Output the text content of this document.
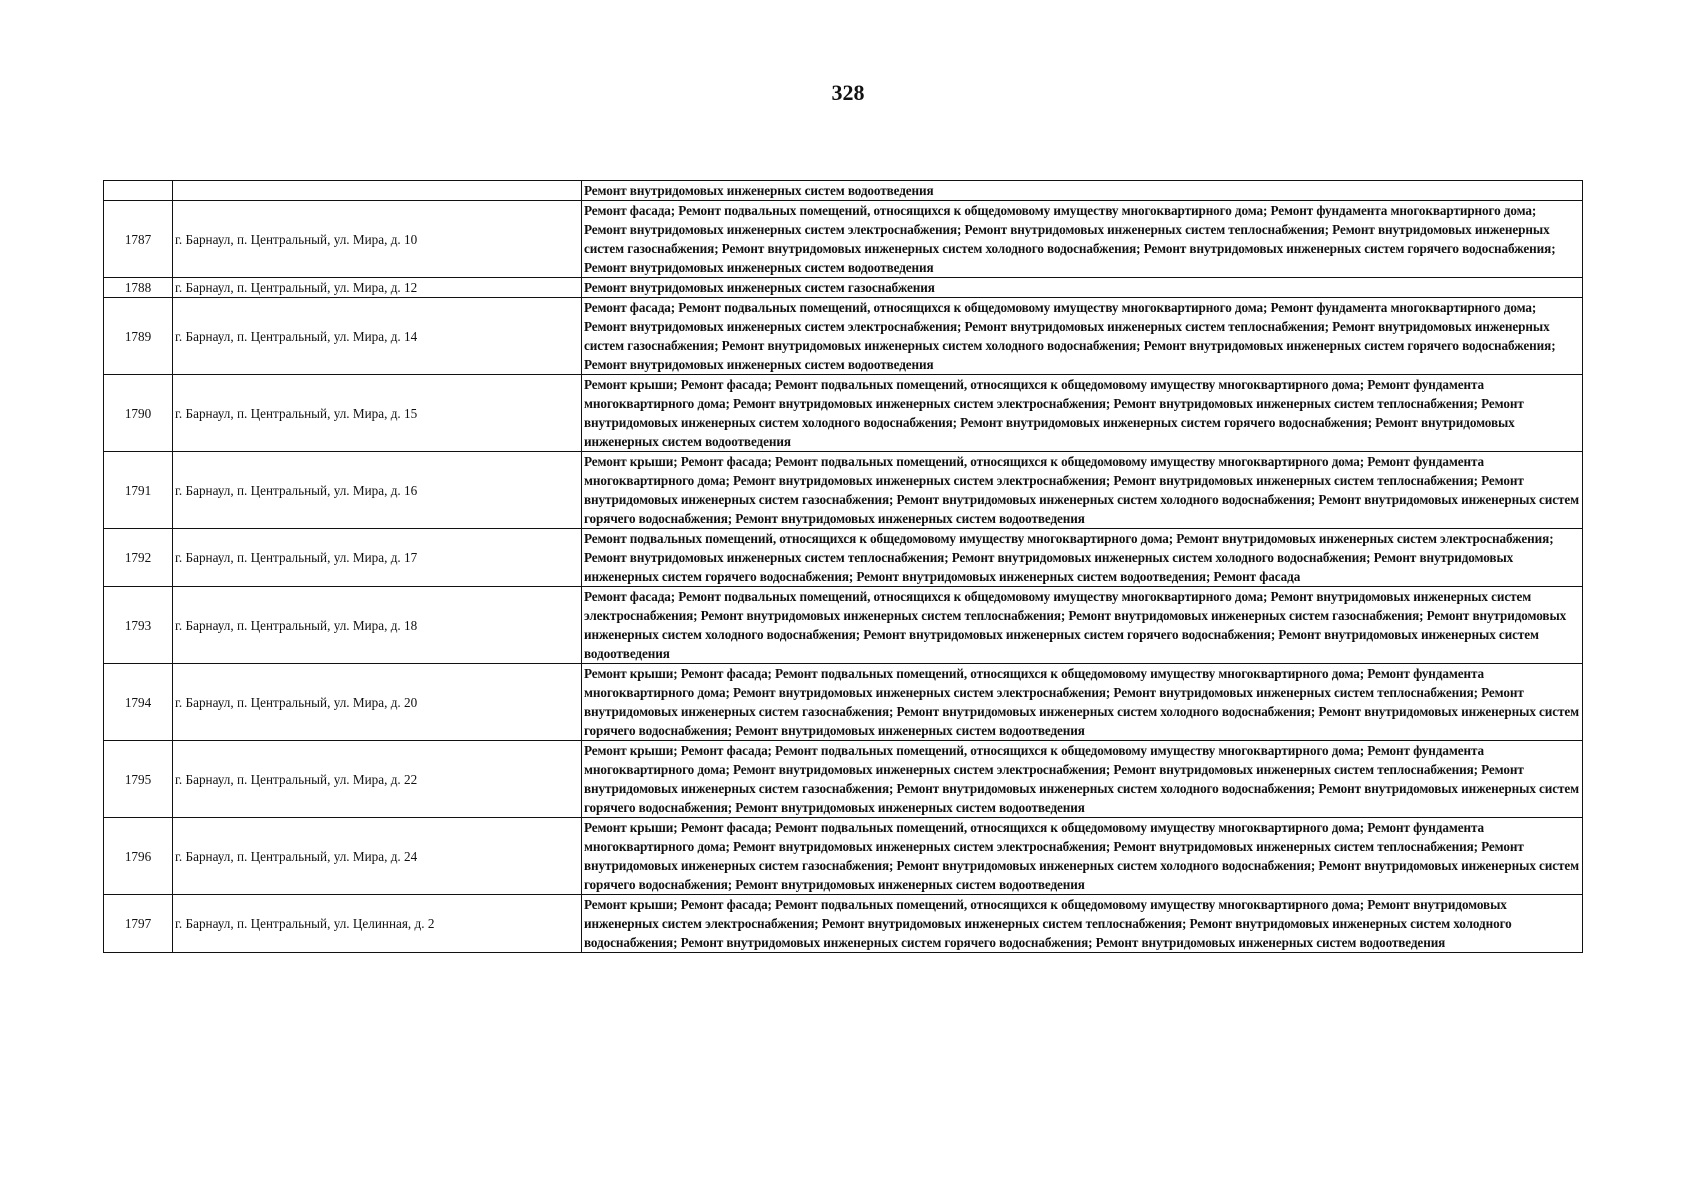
328
		Ремонт внутридомовых инженерных систем водоотведения
1787	г. Барнаул, п. Центральный, ул. Мира, д. 10	Ремонт фасада; Ремонт подвальных помещений, относящихся к общедомовому имуществу многоквартирного дома; Ремонт фундамента многоквартирного дома; Ремонт внутридомовых инженерных систем электроснабжения; Ремонт внутридомовых инженерных систем теплоснабжения; Ремонт внутридомовых инженерных систем газоснабжения; Ремонт внутридомовых инженерных систем холодного водоснабжения; Ремонт внутридомовых инженерных систем горячего водоснабжения; Ремонт внутридомовых инженерных систем водоотведения
1788	г. Барнаул, п. Центральный, ул. Мира, д. 12	Ремонт внутридомовых инженерных систем газоснабжения
1789	г. Барнаул, п. Центральный, ул. Мира, д. 14	Ремонт фасада; Ремонт подвальных помещений, относящихся к общедомовому имуществу многоквартирного дома; Ремонт фундамента многоквартирного дома; Ремонт внутридомовых инженерных систем электроснабжения; Ремонт внутридомовых инженерных систем теплоснабжения; Ремонт внутридомовых инженерных систем газоснабжения; Ремонт внутридомовых инженерных систем холодного водоснабжения; Ремонт внутридомовых инженерных систем горячего водоснабжения; Ремонт внутридомовых инженерных систем водоотведения
1790	г. Барнаул, п. Центральный, ул. Мира, д. 15	Ремонт крыши; Ремонт фасада; Ремонт подвальных помещений, относящихся к общедомовому имуществу многоквартирного дома; Ремонт фундамента многоквартирного дома; Ремонт внутридомовых инженерных систем электроснабжения; Ремонт внутридомовых инженерных систем теплоснабжения; Ремонт внутридомовых инженерных систем холодного водоснабжения; Ремонт внутридомовых инженерных систем горячего водоснабжения; Ремонт внутридомовых инженерных систем водоотведения
1791	г. Барнаул, п. Центральный, ул. Мира, д. 16	Ремонт крыши; Ремонт фасада; Ремонт подвальных помещений, относящихся к общедомовому имуществу многоквартирного дома; Ремонт фундамента многоквартирного дома; Ремонт внутридомовых инженерных систем электроснабжения; Ремонт внутридомовых инженерных систем теплоснабжения; Ремонт внутридомовых инженерных систем газоснабжения; Ремонт внутридомовых инженерных систем холодного водоснабжения; Ремонт внутридомовых инженерных систем горячего водоснабжения; Ремонт внутридомовых инженерных систем водоотведения
1792	г. Барнаул, п. Центральный, ул. Мира, д. 17	Ремонт подвальных помещений, относящихся к общедомовому имуществу многоквартирного дома; Ремонт внутридомовых инженерных систем электроснабжения; Ремонт внутридомовых инженерных систем теплоснабжения; Ремонт внутридомовых инженерных систем холодного водоснабжения; Ремонт внутридомовых инженерных систем горячего водоснабжения; Ремонт внутридомовых инженерных систем водоотведения; Ремонт фасада
1793	г. Барнаул, п. Центральный, ул. Мира, д. 18	Ремонт фасада; Ремонт подвальных помещений, относящихся к общедомовому имуществу многоквартирного дома; Ремонт внутридомовых инженерных систем электроснабжения; Ремонт внутридомовых инженерных систем теплоснабжения; Ремонт внутридомовых инженерных систем газоснабжения; Ремонт внутридомовых инженерных систем холодного водоснабжения; Ремонт внутридомовых инженерных систем горячего водоснабжения; Ремонт внутридомовых инженерных систем водоотведения
1794	г. Барнаул, п. Центральный, ул. Мира, д. 20	Ремонт крыши; Ремонт фасада; Ремонт подвальных помещений, относящихся к общедомовому имуществу многоквартирного дома; Ремонт фундамента многоквартирного дома; Ремонт внутридомовых инженерных систем электроснабжения; Ремонт внутридомовых инженерных систем теплоснабжения; Ремонт внутридомовых инженерных систем газоснабжения; Ремонт внутридомовых инженерных систем холодного водоснабжения; Ремонт внутридомовых инженерных систем горячего водоснабжения; Ремонт внутридомовых инженерных систем водоотведения
1795	г. Барнаул, п. Центральный, ул. Мира, д. 22	Ремонт крыши; Ремонт фасада; Ремонт подвальных помещений, относящихся к общедомовому имуществу многоквартирного дома; Ремонт фундамента многоквартирного дома; Ремонт внутридомовых инженерных систем электроснабжения; Ремонт внутридомовых инженерных систем теплоснабжения; Ремонт внутридомовых инженерных систем газоснабжения; Ремонт внутридомовых инженерных систем холодного водоснабжения; Ремонт внутридомовых инженерных систем горячего водоснабжения; Ремонт внутридомовых инженерных систем водоотведения
1796	г. Барнаул, п. Центральный, ул. Мира, д. 24	Ремонт крыши; Ремонт фасада; Ремонт подвальных помещений, относящихся к общедомовому имуществу многоквартирного дома; Ремонт фундамента многоквартирного дома; Ремонт внутридомовых инженерных систем электроснабжения; Ремонт внутридомовых инженерных систем теплоснабжения; Ремонт внутридомовых инженерных систем газоснабжения; Ремонт внутридомовых инженерных систем холодного водоснабжения; Ремонт внутридомовых инженерных систем горячего водоснабжения; Ремонт внутридомовых инженерных систем водоотведения
1797	г. Барнаул, п. Центральный, ул. Целинная, д. 2	Ремонт крыши; Ремонт фасада; Ремонт подвальных помещений, относящихся к общедомовому имуществу многоквартирного дома; Ремонт внутридомовых инженерных систем электроснабжения; Ремонт внутридомовых инженерных систем теплоснабжения; Ремонт внутридомовых инженерных систем холодного водоснабжения; Ремонт внутридомовых инженерных систем горячего водоснабжения; Ремонт внутридомовых инженерных систем водоотведения
